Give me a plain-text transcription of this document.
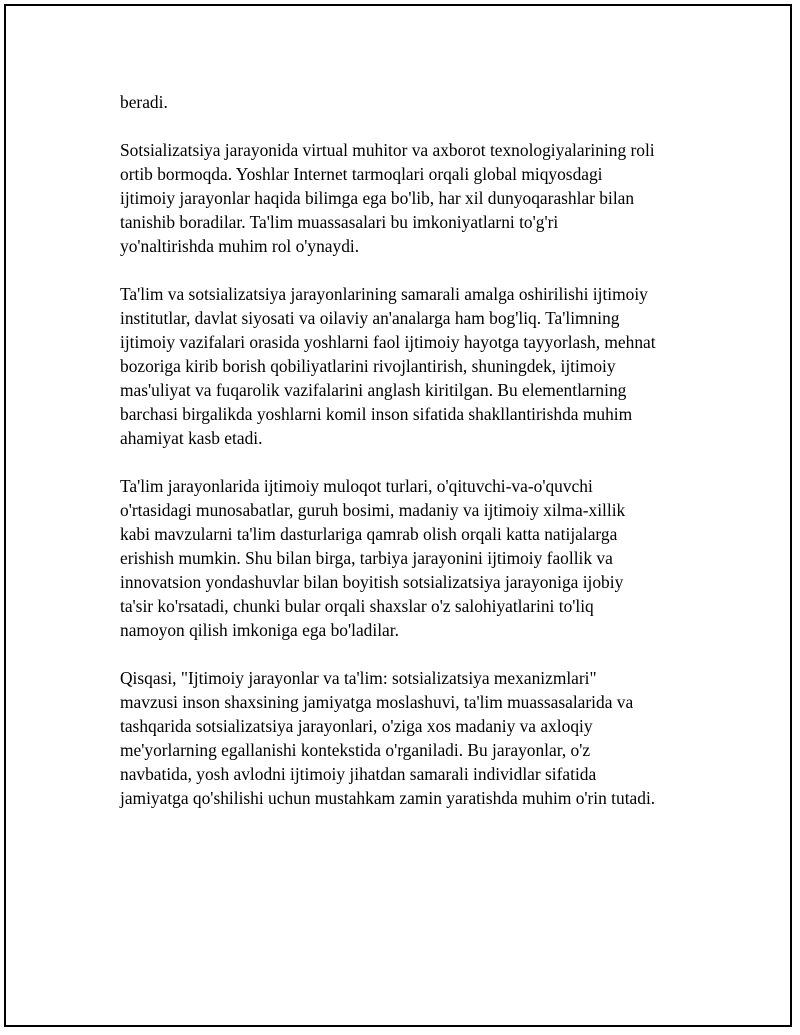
beradi.

Sotsializatsiya jarayonida virtual muhitor va axborot texnologiyalarining roli
ortib bormoqda. Yoshlar Internet tarmoqlari orqali global miqyosdagi
ijtimoiy jarayonlar haqida bilimga ega bo'lib, har xil dunyoqarashlar bilan
tanishib boradilar. Ta'lim muassasalari bu imkoniyatlarni to'g'ri
yo'naltirishda muhim rol o'ynaydi.

Ta'lim va sotsializatsiya jarayonlarining samarali amalga oshirilishi ijtimoiy
institutlar, davlat siyosati va oilaviy an'analarga ham bog'liq. Ta'limning
ijtimoiy vazifalari orasida yoshlarni faol ijtimoiy hayotga tayyorlash, mehnat
bozoriga kirib borish qobiliyatlarini rivojlantirish, shuningdek, ijtimoiy
mas'uliyat va fuqarolik vazifalarini anglash kiritilgan. Bu elementlarning
barchasi birgalikda yoshlarni komil inson sifatida shakllantirishda muhim
ahamiyat kasb etadi.

Ta'lim jarayonlarida ijtimoiy muloqot turlari, o'qituvchi-va-o'quvchi
o'rtasidagi munosabatlar, guruh bosimi, madaniy va ijtimoiy xilma-xillik
kabi mavzularni ta'lim dasturlariga qamrab olish orqali katta natijalarga
erishish mumkin. Shu bilan birga, tarbiya jarayonini ijtimoiy faollik va
innovatsion yondashuvlar bilan boyitish sotsializatsiya jarayoniga ijobiy
ta'sir ko'rsatadi, chunki bular orqali shaxslar o'z salohiyatlarini to'liq
namoyon qilish imkoniga ega bo'ladilar.

Qisqasi, "Ijtimoiy jarayonlar va ta'lim: sotsializatsiya mexanizmlari"
mavzusi inson shaxsining jamiyatga moslashuvi, ta'lim muassasalarida va
tashqarida sotsializatsiya jarayonlari, o'ziga xos madaniy va axloqiy
me'yorlarning egallanishi kontekstida o'rganiladi. Bu jarayonlar, o'z
navbatida, yosh avlodni ijtimoiy jihatdan samarali individlar sifatida
jamiyatga qo'shilishi uchun mustahkam zamin yaratishda muhim o'rin tutadi.
